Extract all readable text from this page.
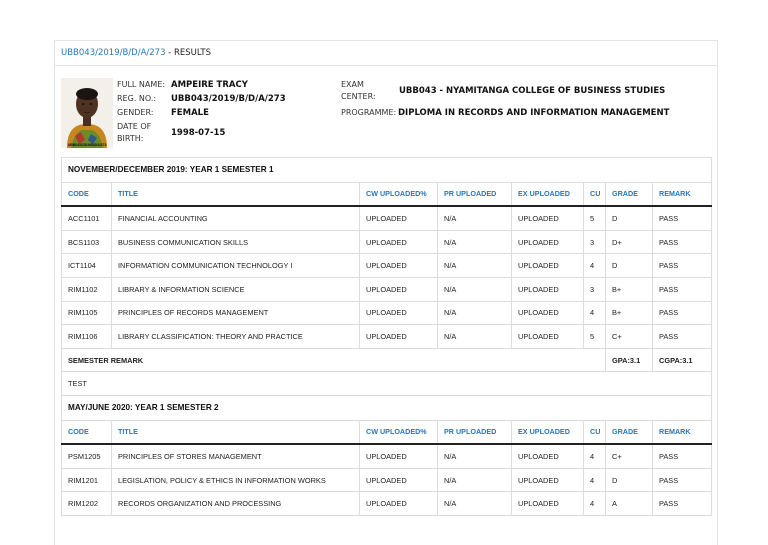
UBB043/2019/B/D/A/273 - RESULTS
UBB043/2019/B/D/A/273
FULL NAME: AMPEIRE TRACY
REG. NO.: UBB043/2019/B/D/A/273
GENDER: FEMALE
DATE OF
BIRTH:
1998-07-15
EXAM
CENTER:
UBB043 - NYAMITANGA COLLEGE OF BUSINESS STUDIES
PROGRAMME: DIPLOMA IN RECORDS AND INFORMATION MANAGEMENT
NOVEMBER/DECEMBER 2019: YEAR 1 SEMESTER 1							
CODE	TITLE	CW UPLOADED%	PR UPLOADED	EX UPLOADED	CU	GRADE	REMARK
ACC1101	FINANCIAL ACCOUNTING	UPLOADED	N/A	UPLOADED	5	D	PASS
BCS1103	BUSINESS COMMUNICATION SKILLS	UPLOADED	N/A	UPLOADED	3	D+	PASS
ICT1104	INFORMATION COMMUNICATION TECHNOLOGY I	UPLOADED	N/A	UPLOADED	4	D	PASS
RIM1102	LIBRARY & INFORMATION SCIENCE	UPLOADED	N/A	UPLOADED	3	B+	PASS
RIM1105	PRINCIPLES OF RECORDS MANAGEMENT	UPLOADED	N/A	UPLOADED	4	B+	PASS
RIM1106	LIBRARY CLASSIFICATION: THEORY AND PRACTICE	UPLOADED	N/A	UPLOADED	5	C+	PASS
SEMESTER REMARK						GPA:3.1	CGPA:3.1
TEST							
MAY/JUNE 2020: YEAR 1 SEMESTER 2							
CODE	TITLE	CW UPLOADED%	PR UPLOADED	EX UPLOADED	CU	GRADE	REMARK
PSM1205	PRINCIPLES OF STORES MANAGEMENT	UPLOADED	N/A	UPLOADED	4	C+	PASS
RIM1201	LEGISLATION, POLICY & ETHICS IN INFORMATION WORKS	UPLOADED	N/A	UPLOADED	4	D	PASS
RIM1202	RECORDS ORGANIZATION AND PROCESSING	UPLOADED	N/A	UPLOADED	4	A	PASS
